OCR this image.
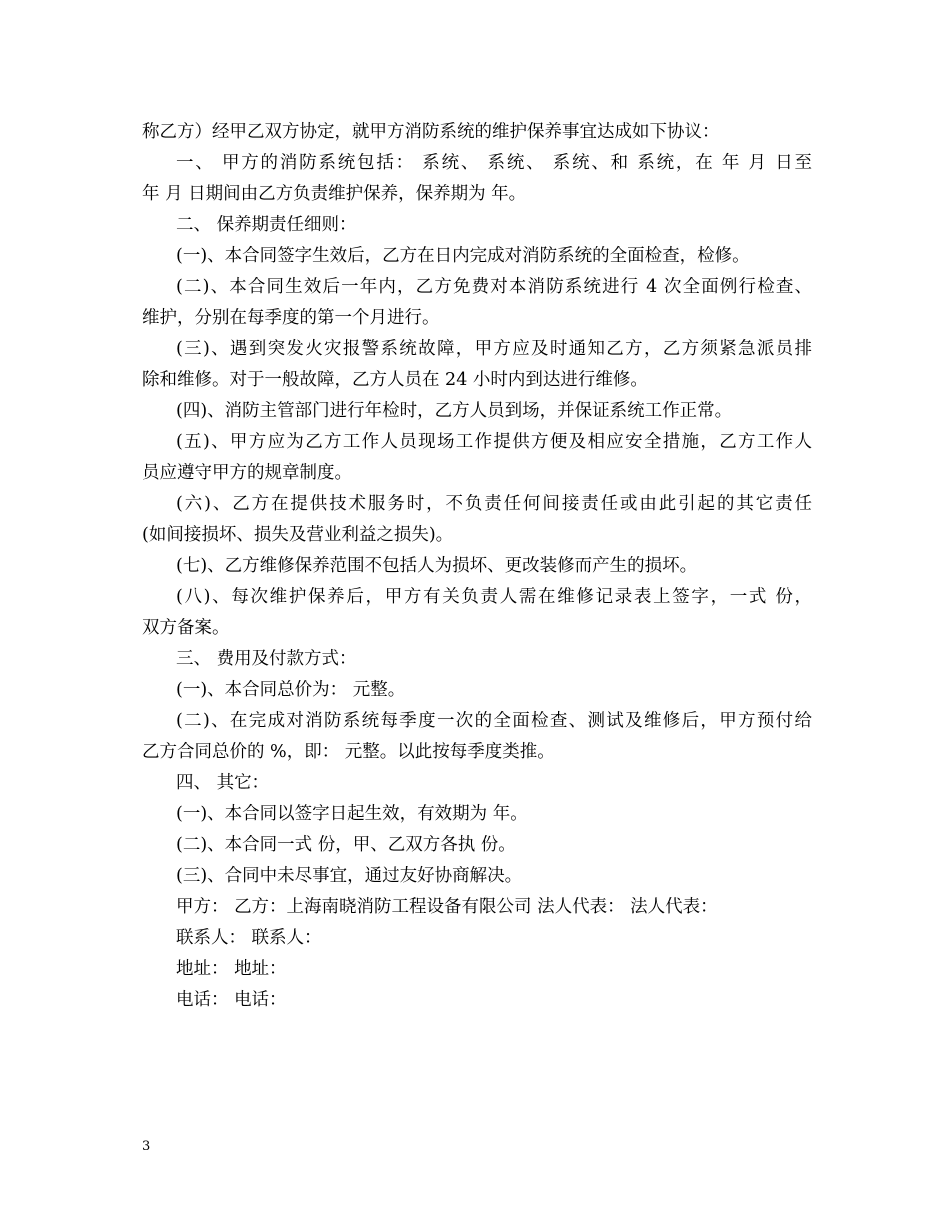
称乙方）经甲乙双方协定，就甲方消防系统的维护保养事宜达成如下协议：
一、 甲方的消防系统包括： 系统、 系统、 系统、和 系统，在 年 月 日至
年 月 日期间由乙方负责维护保养，保养期为 年。
二、 保养期责任细则：
(一)、本合同签字生效后，乙方在日内完成对消防系统的全面检查，检修。
(二)、本合同生效后一年内，乙方免费对本消防系统进行 4 次全面例行检查、
维护，分别在每季度的第一个月进行。
(三)、遇到突发火灾报警系统故障，甲方应及时通知乙方，乙方须紧急派员排
除和维修。对于一般故障，乙方人员在 24 小时内到达进行维修。
(四)、消防主管部门进行年检时，乙方人员到场，并保证系统工作正常。
(五)、甲方应为乙方工作人员现场工作提供方便及相应安全措施，乙方工作人
员应遵守甲方的规章制度。
(六)、乙方在提供技术服务时，不负责任何间接责任或由此引起的其它责任
(如间接损坏、损失及营业利益之损失)。
(七)、乙方维修保养范围不包括人为损坏、更改装修而产生的损坏。
(八)、每次维护保养后，甲方有关负责人需在维修记录表上签字，一式 份，
双方备案。
三、 费用及付款方式：
(一)、本合同总价为： 元整。
(二)、在完成对消防系统每季度一次的全面检查、测试及维修后，甲方预付给
乙方合同总价的 %，即： 元整。以此按每季度类推。
四、 其它：
(一)、本合同以签字日起生效，有效期为 年。
(二)、本合同一式 份，甲、乙双方各执 份。
(三)、合同中未尽事宜，通过友好协商解决。
甲方： 乙方：上海南晓消防工程设备有限公司 法人代表： 法人代表：
联系人： 联系人：
地址： 地址：
电话： 电话：
3
